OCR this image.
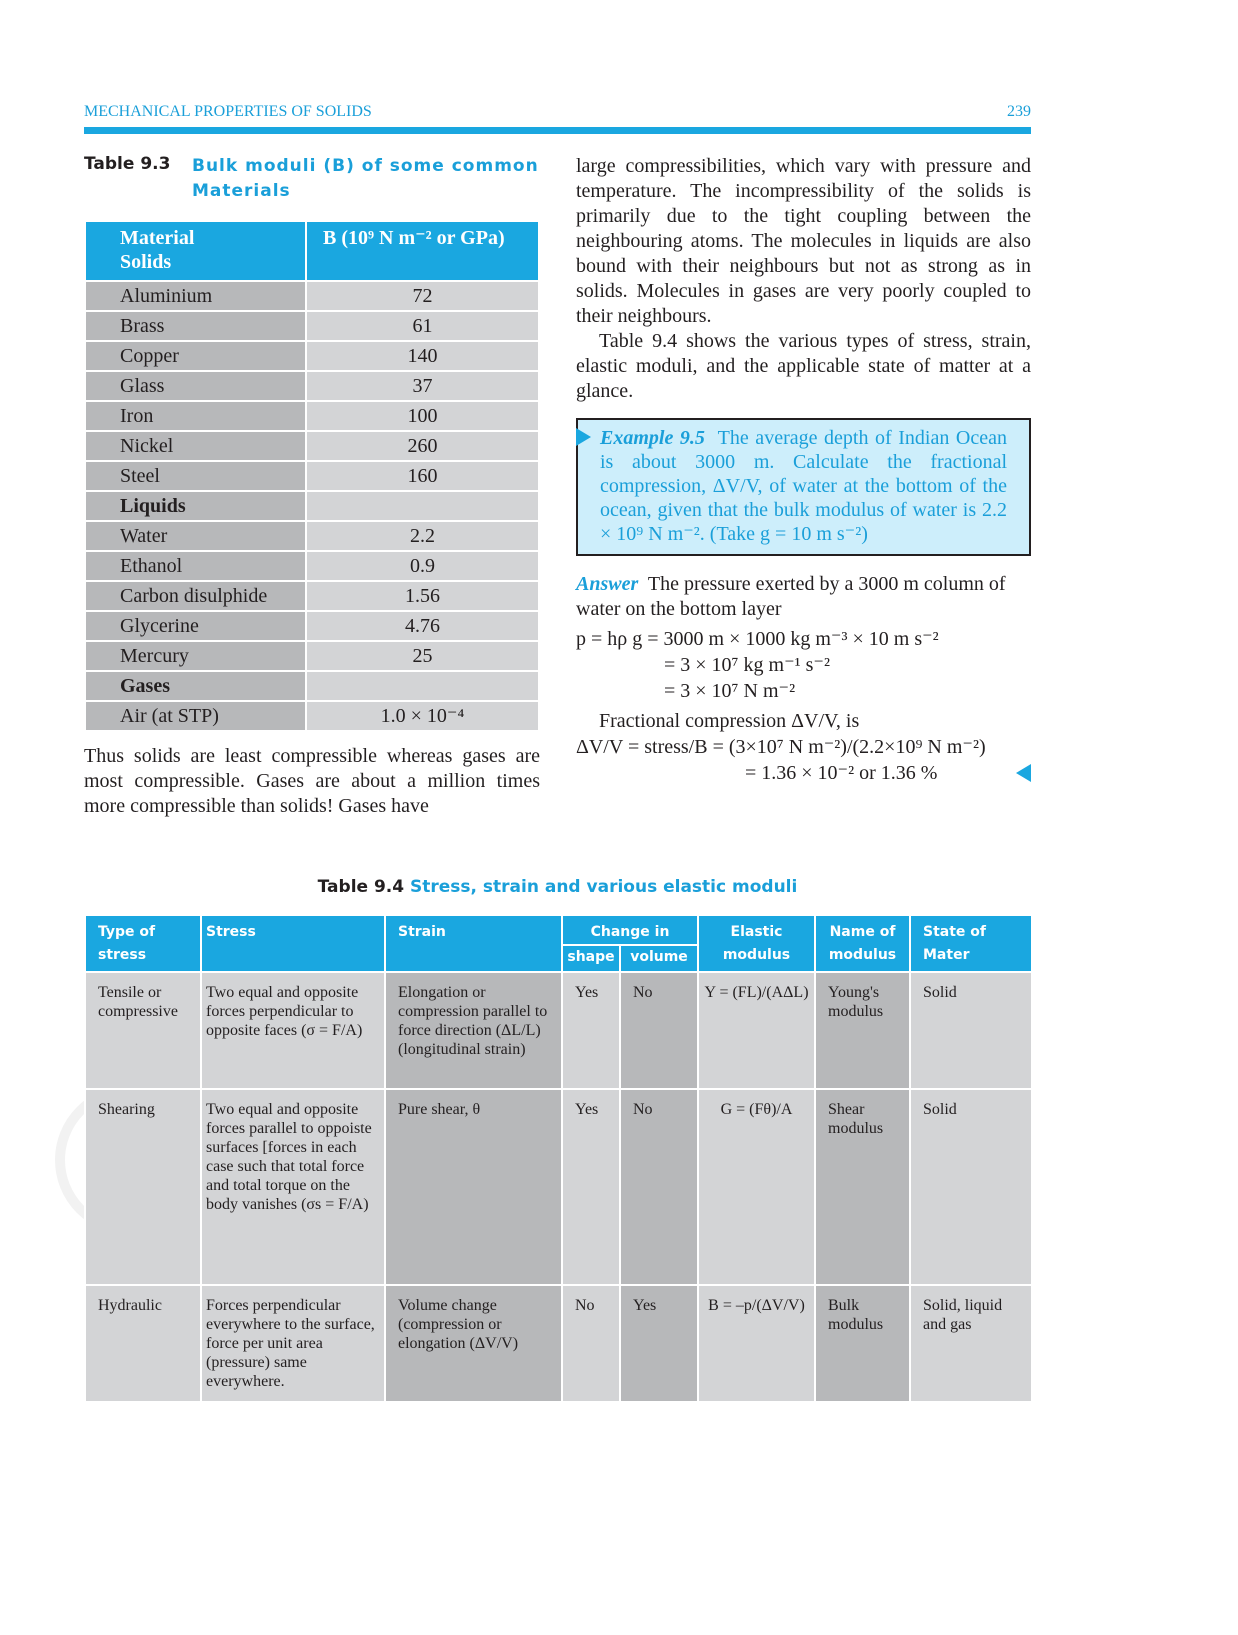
MECHANICAL PROPERTIES OF SOLIDS	239
Table 9.3	Bulk moduli (B) of some common Materials
Material Solids	B (10⁹ N m⁻² or GPa)
Aluminium	72
Brass	61
Copper	140
Glass	37
Iron	100
Nickel	260
Steel	160
Liquids	
Water	2.2
Ethanol	0.9
Carbon disulphide	1.56
Glycerine	4.76
Mercury	25
Gases	
Air (at STP)	1.0 × 10⁻⁴
Thus solids are least compressible whereas gases are most compressible. Gases are about a million times more compressible than solids! Gases have
large compressibilities, which vary with pressure and temperature. The incompressibility of the solids is primarily due to the tight coupling between the neighbouring atoms. The molecules in liquids are also bound with their neighbours but not as strong as in solids. Molecules in gases are very poorly coupled to their neighbours.
Table 9.4 shows the various types of stress, strain, elastic moduli, and the applicable state of matter at a glance.
Example 9.5 The average depth of Indian Ocean is about 3000 m. Calculate the fractional compression, ΔV/V, of water at the bottom of the ocean, given that the bulk modulus of water is 2.2 × 10⁹ N m⁻². (Take g = 10 m s⁻²)
Answer The pressure exerted by a 3000 m column of water on the bottom layer
p = hρ g = 3000 m × 1000 kg m⁻³ × 10 m s⁻²
= 3 × 10⁷ kg m⁻¹ s⁻²
= 3 × 10⁷ N m⁻²
Fractional compression ΔV/V, is
ΔV/V = stress/B = (3×10⁷ N m⁻²)/(2.2×10⁹ N m⁻²)
= 1.36 × 10⁻² or 1.36 %
Table 9.4 Stress, strain and various elastic moduli
Type of stress	Stress	Strain	Change in		Elastic modulus	Name of modulus	State of Mater
			shape	volume			
Tensile or compressive	Two equal and opposite forces perpendicular to opposite faces (σ = F/A)	Elongation or compression parallel to force direction (ΔL/L) (longitudinal strain)	Yes	No	Y = (FL)/(AΔL)	Young's modulus	Solid
Shearing	Two equal and opposite forces parallel to oppoiste surfaces [forces in each case such that total force and total torque on the body vanishes (σs = F/A)	Pure shear, θ	Yes	No	G = (Fθ)/A	Shear modulus	Solid
Hydraulic	Forces perpendicular everywhere to the surface, force per unit area (pressure) same everywhere.	Volume change (compression or elongation (ΔV/V)	No	Yes	B = –p/(ΔV/V)	Bulk modulus	Solid, liquid and gas
